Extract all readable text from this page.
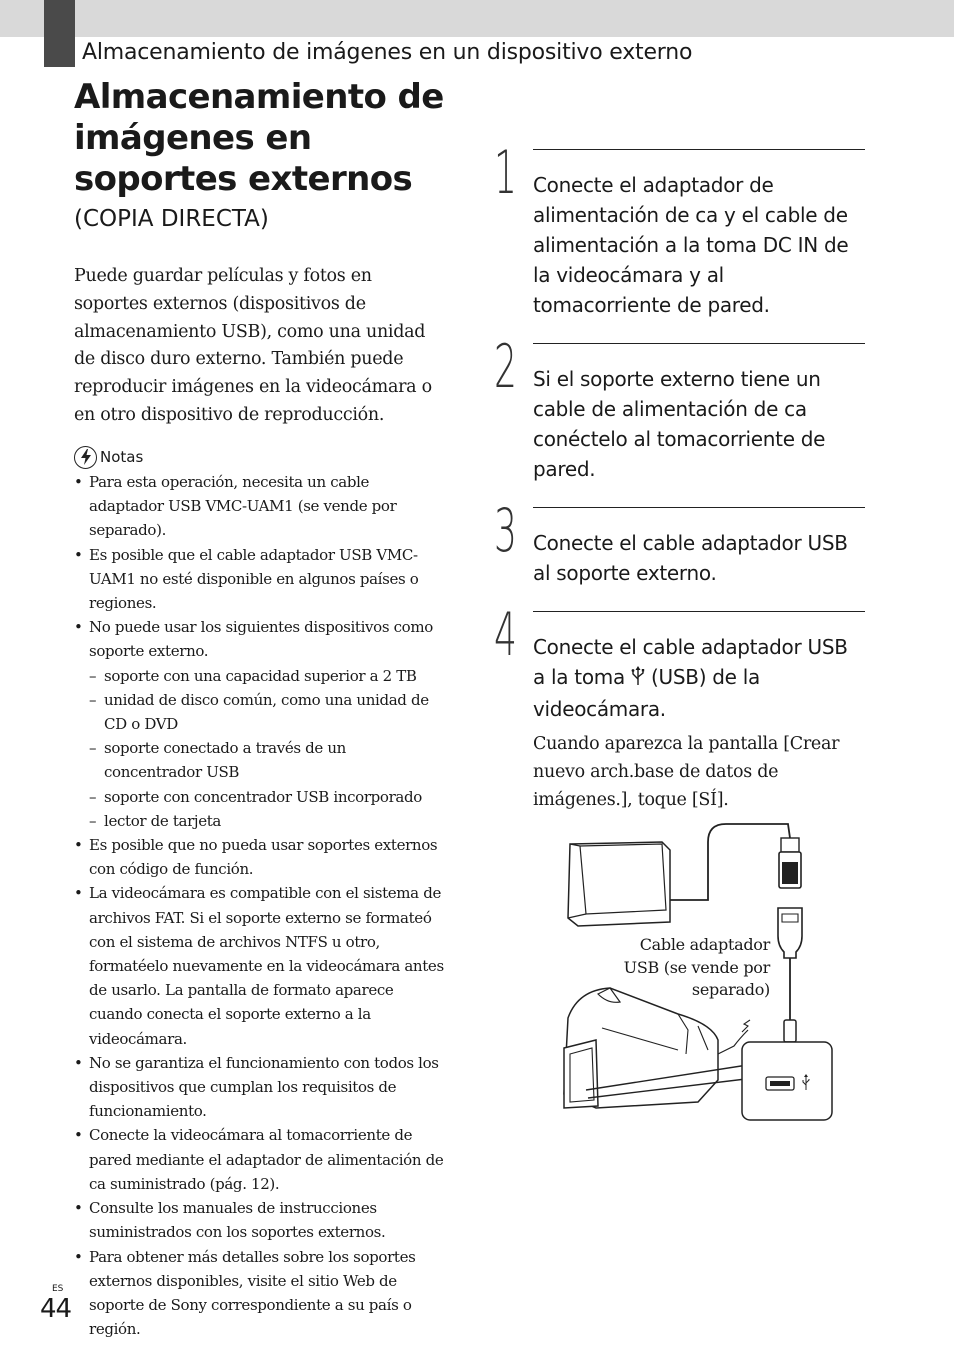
Almacenamiento de imágenes en un dispositivo externo
Almacenamiento de imágenes en soportes externos
(COPIA DIRECTA)

Puede guardar películas y fotos en soportes externos (dispositivos de almacenamiento USB), como una unidad de disco duro externo. También puede reproducir imágenes en la videocámara o en otro dispositivo de reproducción.

Notas
• Para esta operación, necesita un cable adaptador USB VMC-UAM1 (se vende por separado).
• Es posible que el cable adaptador USB VMC-UAM1 no esté disponible en algunos países o regiones.
• No puede usar los siguientes dispositivos como soporte externo.
– soporte con una capacidad superior a 2 TB
– unidad de disco común, como una unidad de CD o DVD
– soporte conectado a través de un concentrador USB
– soporte con concentrador USB incorporado
– lector de tarjeta
• Es posible que no pueda usar soportes externos con código de función.
• La videocámara es compatible con el sistema de archivos FAT. Si el soporte externo se formateó con el sistema de archivos NTFS u otro, formatéelo nuevamente en la videocámara antes de usarlo. La pantalla de formato aparece cuando conecta el soporte externo a la videocámara.
• No se garantiza el funcionamiento con todos los dispositivos que cumplan los requisitos de funcionamiento.
• Conecte la videocámara al tomacorriente de pared mediante el adaptador de alimentación de ca suministrado (pág. 12).
• Consulte los manuales de instrucciones suministrados con los soportes externos.
• Para obtener más detalles sobre los soportes externos disponibles, visite el sitio Web de soporte de Sony correspondiente a su país o región.
ES
44
1 Conecte el adaptador de alimentación de ca y el cable de alimentación a la toma DC IN de la videocámara y al tomacorriente de pared.
2 Si el soporte externo tiene un cable de alimentación de ca conéctelo al tomacorriente de pared.
3 Conecte el cable adaptador USB al soporte externo.
4 Conecte el cable adaptador USB a la toma (USB) de la videocámara.

Cuando aparezca la pantalla [Crear nuevo arch.base de datos de imágenes.], toque [SÍ].

Cable adaptador USB (se vende por separado)
